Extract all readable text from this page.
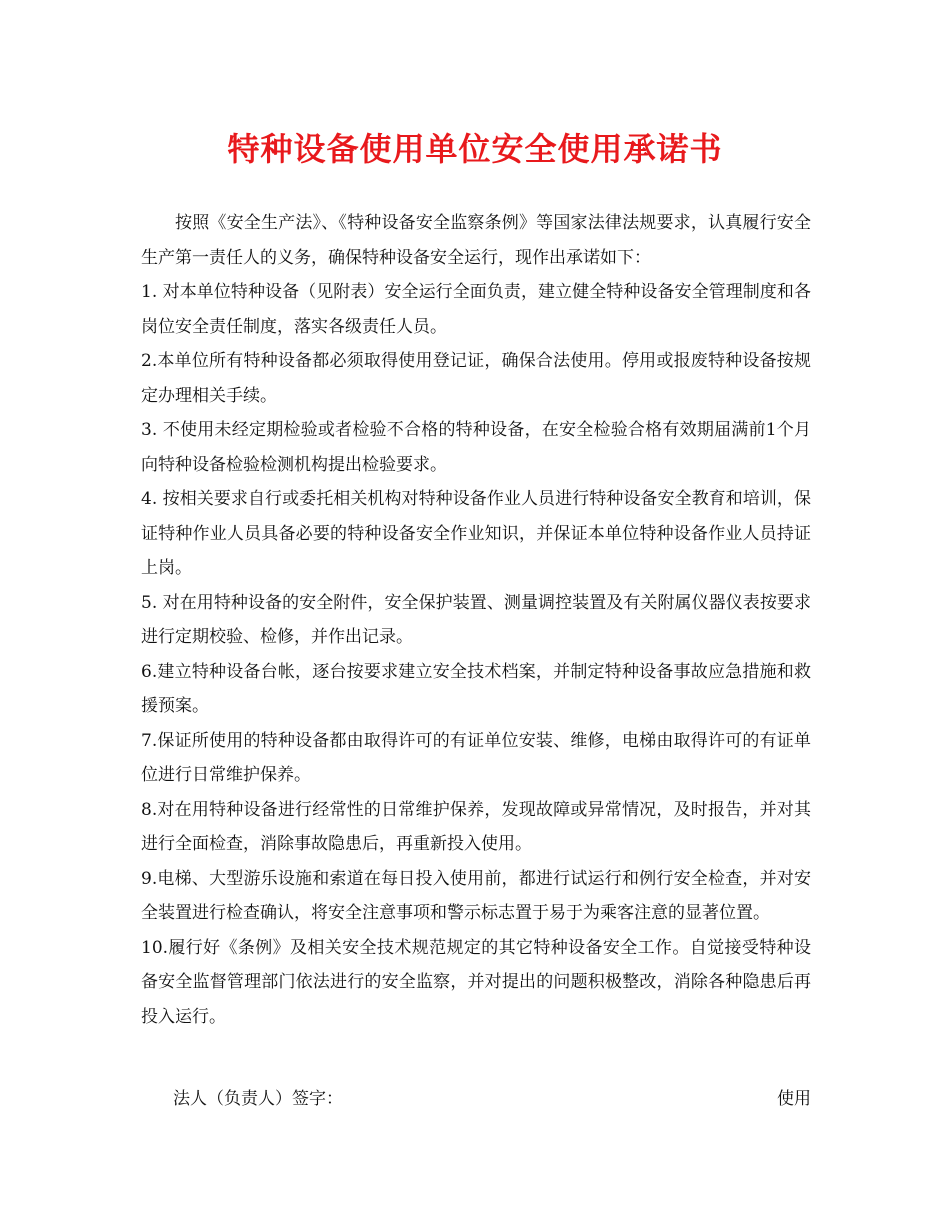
特种设备使用单位安全使用承诺书

按照《安全生产法》、《特种设备安全监察条例》等国家法律法规要求，认真履行安全生产第一责任人的义务，确保特种设备安全运行，现作出承诺如下：

1. 对本单位特种设备（见附表）安全运行全面负责，建立健全特种设备安全管理制度和各岗位安全责任制度，落实各级责任人员。

2.本单位所有特种设备都必须取得使用登记证，确保合法使用。停用或报废特种设备按规定办理相关手续。

3. 不使用未经定期检验或者检验不合格的特种设备，在安全检验合格有效期届满前1个月向特种设备检验检测机构提出检验要求。

4. 按相关要求自行或委托相关机构对特种设备作业人员进行特种设备安全教育和培训，保证特种作业人员具备必要的特种设备安全作业知识，并保证本单位特种设备作业人员持证上岗。

5. 对在用特种设备的安全附件，安全保护装置、测量调控装置及有关附属仪器仪表按要求进行定期校验、检修，并作出记录。

6.建立特种设备台帐，逐台按要求建立安全技术档案，并制定特种设备事故应急措施和救援预案。

7.保证所使用的特种设备都由取得许可的有证单位安装、维修，电梯由取得许可的有证单位进行日常维护保养。

8.对在用特种设备进行经常性的日常维护保养，发现故障或异常情况，及时报告，并对其进行全面检查，消除事故隐患后，再重新投入使用。

9.电梯、大型游乐设施和索道在每日投入使用前，都进行试运行和例行安全检查，并对安全装置进行检查确认，将安全注意事项和警示标志置于易于为乘客注意的显著位置。

10.履行好《条例》及相关安全技术规范规定的其它特种设备安全工作。自觉接受特种设备安全监督管理部门依法进行的安全监察，并对提出的问题积极整改，消除各种隐患后再投入运行。

法人（负责人）签字：	使用
